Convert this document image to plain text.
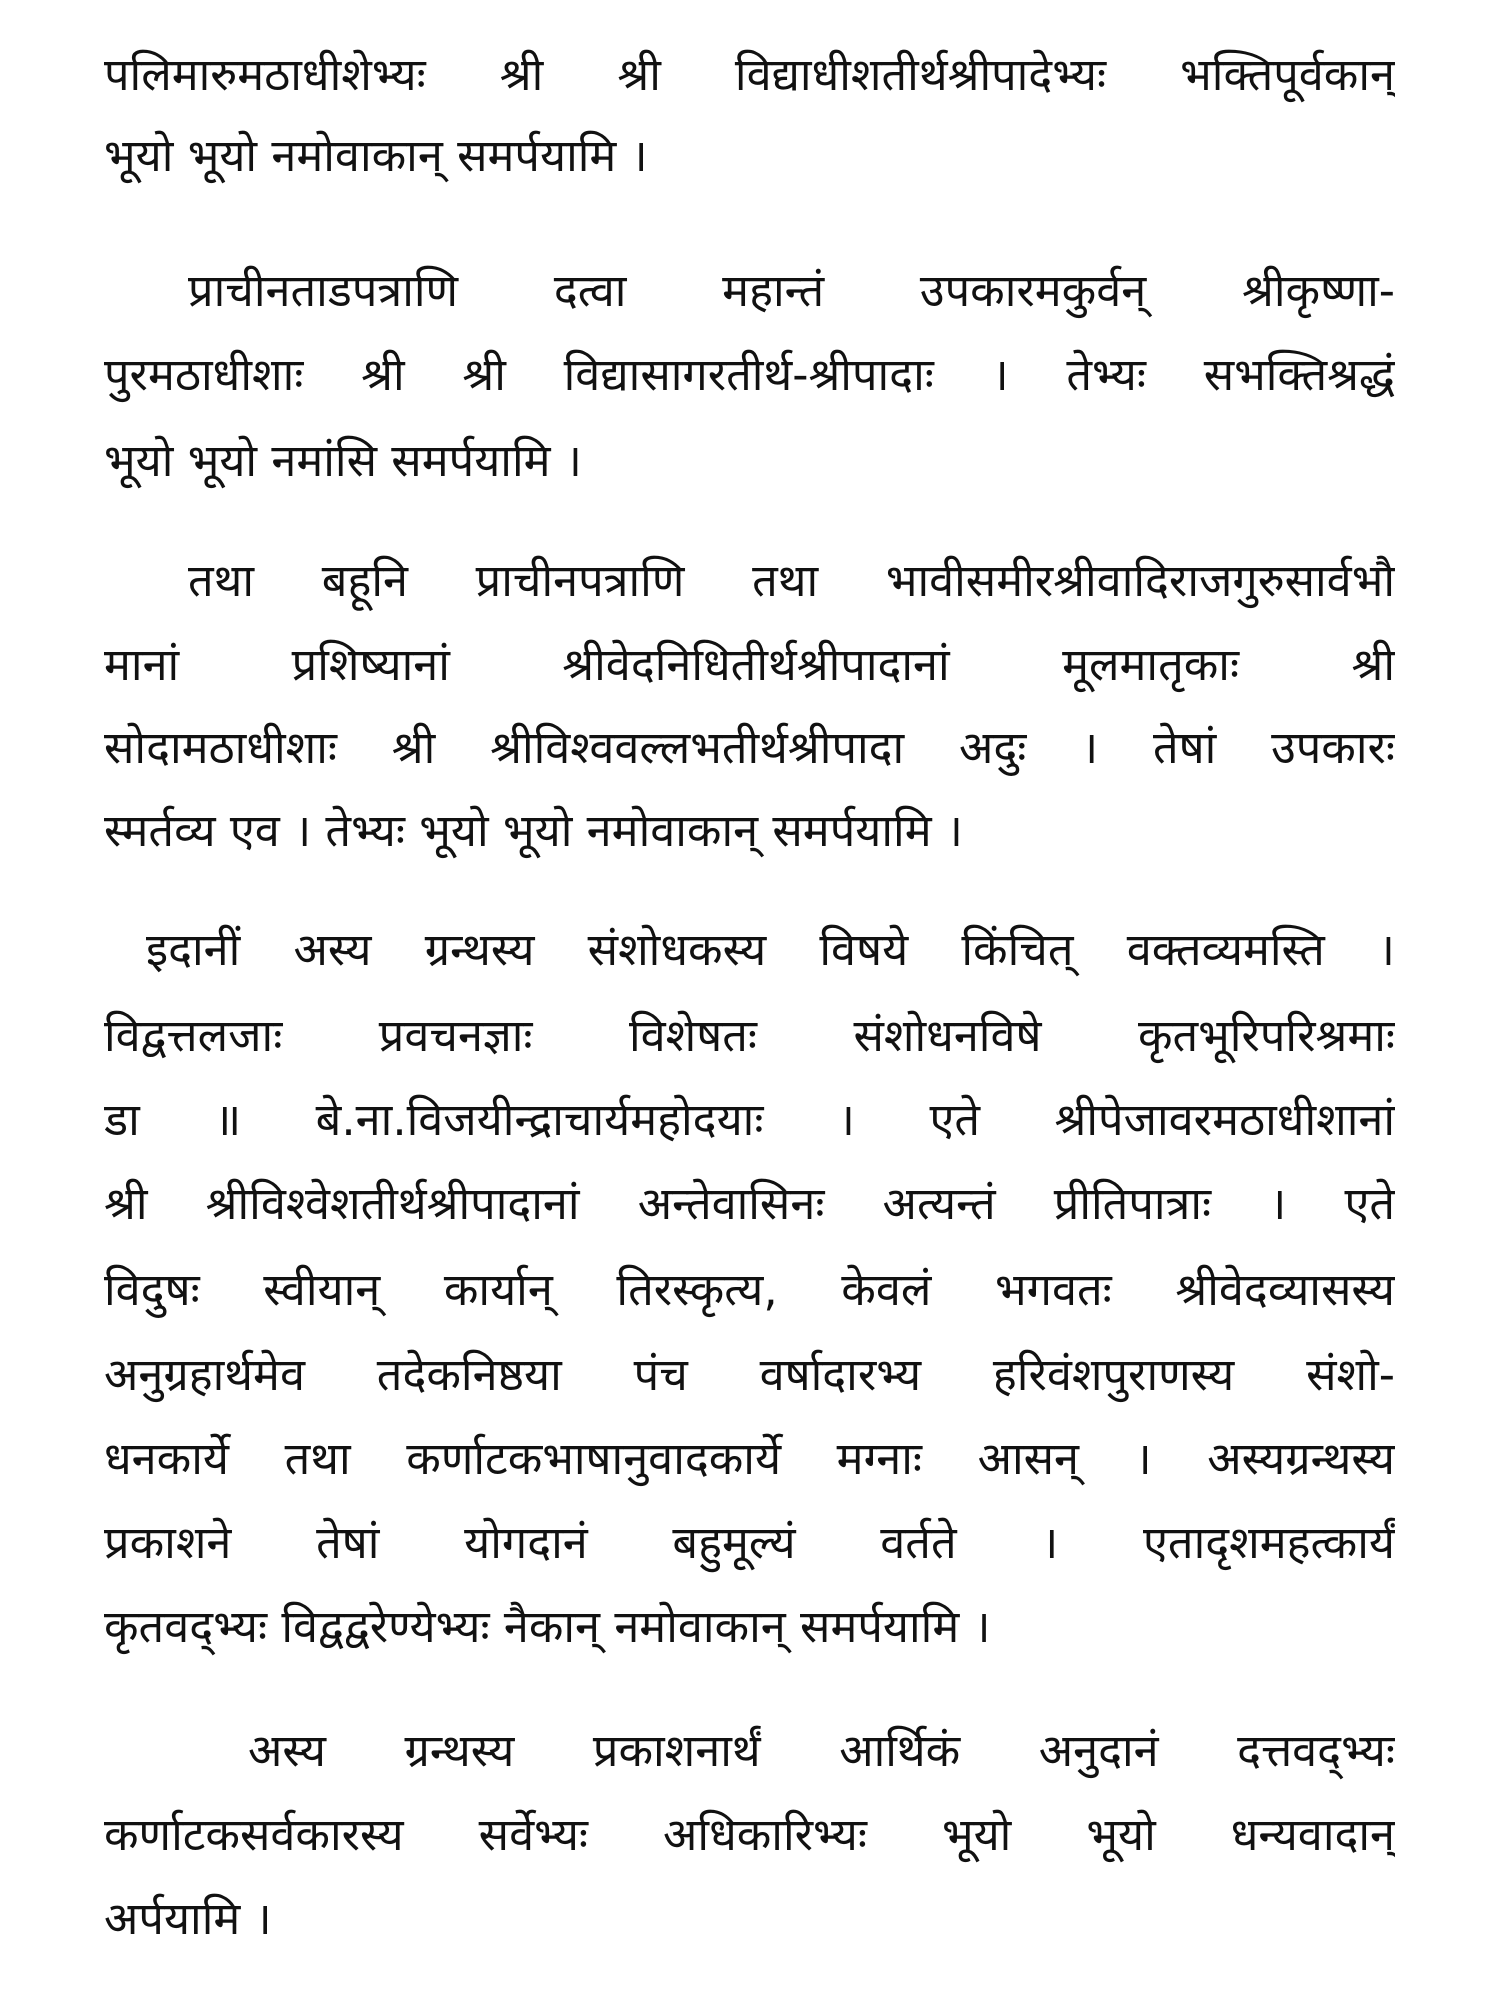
पलिमारुमठाधीशेभ्यः श्री श्री विद्याधीशतीर्थश्रीपादेभ्यः भक्तिपूर्वकान्
भूयो भूयो नमोवाकान् समर्पयामि ।
प्राचीनताडपत्राणि दत्वा महान्तं उपकारमकुर्वन् श्रीकृष्णा-
पुरमठाधीशाः श्री श्री विद्यासागरतीर्थ-श्रीपादाः । तेभ्यः सभक्तिश्रद्धं
भूयो भूयो नमांसि समर्पयामि ।
तथा बहूनि प्राचीनपत्राणि तथा भावीसमीरश्रीवादिराजगुरुसार्वभौ
मानां प्रशिष्यानां श्रीवेदनिधितीर्थश्रीपादानां मूलमातृकाः श्री
सोदामठाधीशाः श्री श्रीविश्ववल्लभतीर्थश्रीपादा अदुः । तेषां उपकारः
स्मर्तव्य एव । तेभ्यः भूयो भूयो नमोवाकान् समर्पयामि ।
इदानीं अस्य ग्रन्थस्य संशोधकस्य विषये किंचित् वक्तव्यमस्ति ।
विद्वत्तलजाः प्रवचनज्ञाः विशेषतः संशोधनविषे कृतभूरिपरिश्रमाः
डा ॥ बे.ना.विजयीन्द्राचार्यमहोदयाः । एते श्रीपेजावरमठाधीशानां
श्री श्रीविश्वेशतीर्थश्रीपादानां अन्तेवासिनः अत्यन्तं प्रीतिपात्राः । एते
विदुषः स्वीयान् कार्यान् तिरस्कृत्य, केवलं भगवतः श्रीवेदव्यासस्य
अनुग्रहार्थमेव तदेकनिष्ठया पंच वर्षादारभ्य हरिवंशपुराणस्य संशो-
धनकार्ये तथा कर्णाटकभाषानुवादकार्ये मग्नाः आसन् । अस्यग्रन्थस्य
प्रकाशने तेषां योगदानं बहुमूल्यं वर्तते । एतादृशमहत्कार्यं
कृतवद्भ्यः विद्वद्वरेण्येभ्यः नैकान् नमोवाकान् समर्पयामि ।
अस्य ग्रन्थस्य प्रकाशनार्थं आर्थिकं अनुदानं दत्तवद्भ्यः
कर्णाटकसर्वकारस्य सर्वेभ्यः अधिकारिभ्यः भूयो भूयो धन्यवादान्
अर्पयामि ।
